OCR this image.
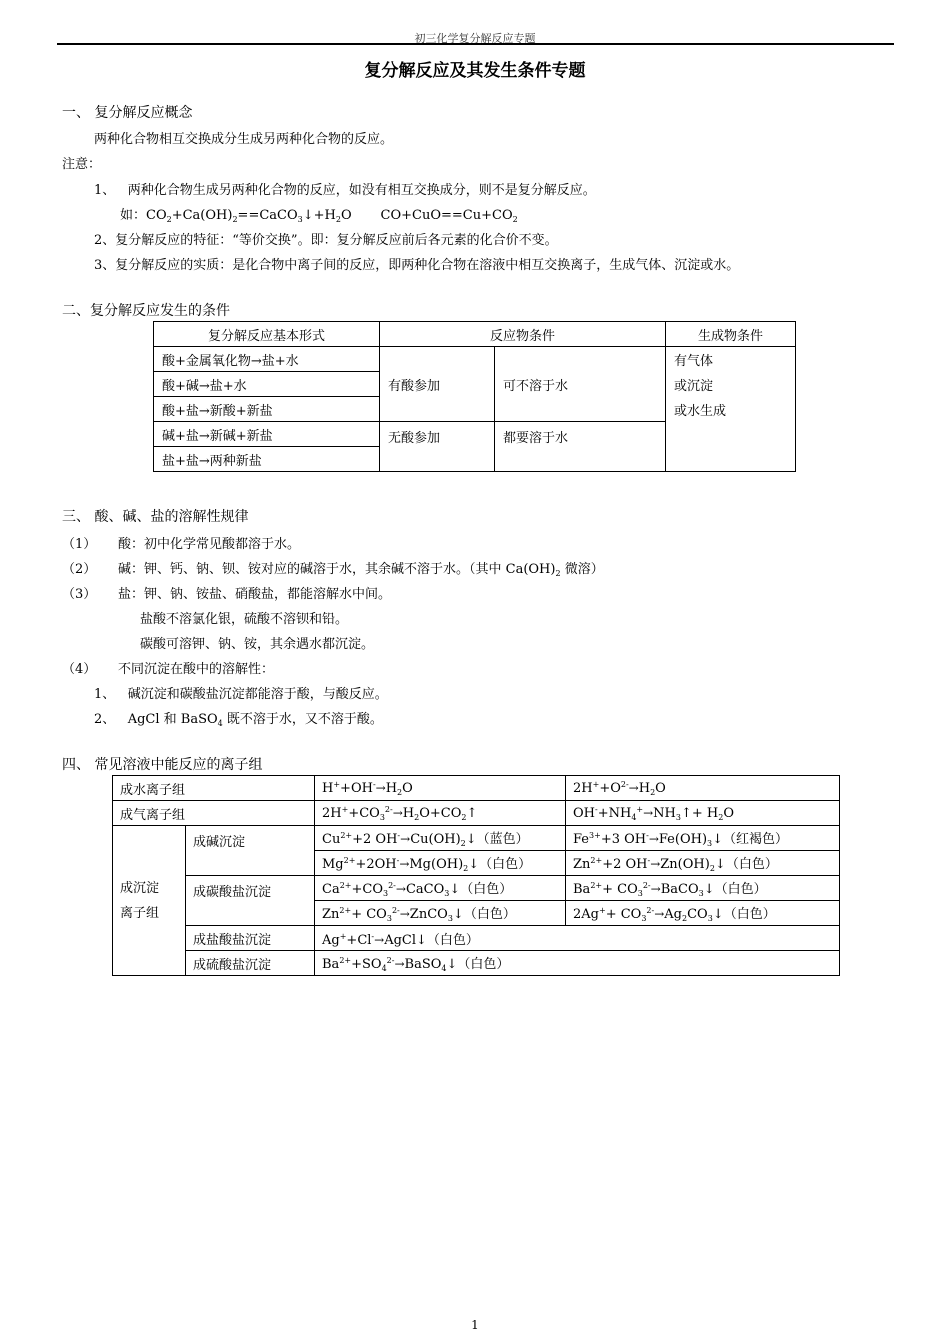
初三化学复分解反应专题
复分解反应及其发生条件专题
一、 复分解反应概念
两种化合物相互交换成分生成另两种化合物的反应。
注意：
1、 两种化合物生成另两种化合物的反应，如没有相互交换成分，则不是复分解反应。
如：$CO_2+Ca(OH)_2==CaCO_3↓+H_2O$       $CO+CuO==Cu+CO_2$
2、复分解反应的特征：“等价交换”。即：复分解反应前后各元素的化合价不变。
3、复分解反应的实质：是化合物中离子间的反应，即两种化合物在溶液中相互交换离子，生成气体、沉淀或水。
二、复分解反应发生的条件
复分解反应基本形式	反应物条件		生成物条件
酸+金属氧化物→盐+水	有酸参加	可不溶于水	有气体
或沉淀
或水生成

酸+碱→盐+水			
酸+盐→新酸+新盐			
碱+盐→新碱+新盐	无酸参加	都要溶于水	
盐+盐→两种新盐			
三、 酸、碱、盐的溶解性规律
（1） 酸：初中化学常见酸都溶于水。
（2） 碱：钾、钙、钠、钡、铵对应的碱溶于水，其余碱不溶于水。（其中 $Ca(OH)_2$ 微溶）
（3） 盐：钾、钠、铵盐、硝酸盐，都能溶解水中间。
盐酸不溶氯化银，硫酸不溶钡和铅。
碳酸可溶钾、钠、铵，其余遇水都沉淀。
（4） 不同沉淀在酸中的溶解性：
1、 碱沉淀和碳酸盐沉淀都能溶于酸，与酸反应。
2、 AgCl 和 BaSO$_4$ 既不溶于水，又不溶于酸。
四、 常见溶液中能反应的离子组
成水离子组		$H^++OH^-\to H_2O$	$2H^++O^{2-}\to H_2O$
成气离子组		$2H^++CO_3^{2-}\to H_2O+CO_2↑$	$OH^-+NH_4^+\to NH_3↑+ H_2O$

成沉淀
离子组	成碱沉淀	$Cu^{2+}+2$ $OH^-\to Cu(OH)_2↓$（蓝色）	$Fe^{3+}+3$ $OH^-\to Fe(OH)_3↓$（红褐色）
		$Mg^{2+}+2OH^-\to Mg(OH)_2↓$（白色）	$Zn^{2+}+2$ $OH^-\to Zn(OH)_2↓$（白色）
	成碳酸盐沉淀	$Ca^{2+}+CO_3^{2-}\to CaCO_3↓$（白色）	$Ba^{2+}+$ $CO_3^{2-}\to BaCO_3↓$（白色）
		$Zn^{2+}+$ $CO_3^{2-}\to ZnCO_3↓$（白色）	$2Ag^++ CO_3^{2-}\to Ag_2CO_3↓$（白色）
	成盐酸盐沉淀	Ag++Cl-→AgCl↓（白色）	
	成硫酸盐沉淀	$Ba^{2+}+SO_4^{2-}\to BaSO_4↓$（白色）	
1
